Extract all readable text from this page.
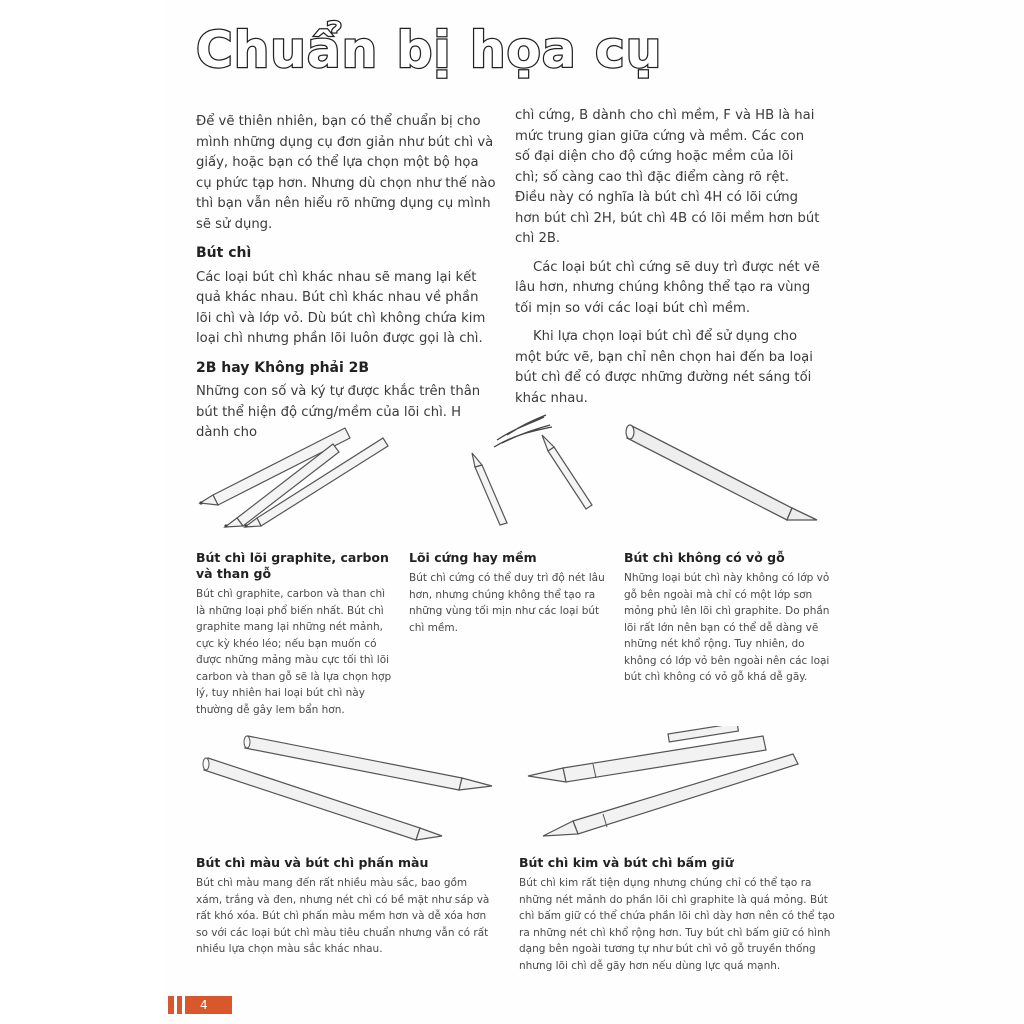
Chuẩn bị họa cụ

Để vẽ thiên nhiên, bạn có thể chuẩn bị cho mình những dụng cụ đơn giản như bút chì và giấy, hoặc bạn có thể lựa chọn một bộ họa cụ phức tạp hơn. Nhưng dù chọn như thế nào thì bạn vẫn nên hiểu rõ những dụng cụ mình sẽ sử dụng.

Bút chì

Các loại bút chì khác nhau sẽ mang lại kết quả khác nhau. Bút chì khác nhau về phần lõi chì và lớp vỏ. Dù bút chì không chứa kim loại chì nhưng phần lõi luôn được gọi là chì.

2B hay Không phải 2B

Những con số và ký tự được khắc trên thân bút thể hiện độ cứng/mềm của lõi chì. H dành cho

chì cứng, B dành cho chì mềm, F và HB là hai mức trung gian giữa cứng và mềm. Các con số đại diện cho độ cứng hoặc mềm của lõi chì; số càng cao thì đặc điểm càng rõ rệt. Điều này có nghĩa là bút chì 4H có lõi cứng hơn bút chì 2H, bút chì 4B có lõi mềm hơn bút chì 2B.

Các loại bút chì cứng sẽ duy trì được nét vẽ lâu hơn, nhưng chúng không thể tạo ra vùng tối mịn so với các loại bút chì mềm.

Khi lựa chọn loại bút chì để sử dụng cho một bức vẽ, bạn chỉ nên chọn hai đến ba loại bút chì để có được những đường nét sáng tối khác nhau.

Bút chì lõi graphite, carbon và than gỗ

Bút chì graphite, carbon và than chì là những loại phổ biến nhất. Bút chì graphite mang lại những nét mảnh, cực kỳ khéo léo; nếu bạn muốn có được những mảng màu cực tối thì lõi carbon và than gỗ sẽ là lựa chọn hợp lý, tuy nhiên hai loại bút chì này thường dễ gây lem bẩn hơn.

Lõi cứng hay mềm

Bút chì cứng có thể duy trì độ nét lâu hơn, nhưng chúng không thể tạo ra những vùng tối mịn như các loại bút chì mềm.

Bút chì không có vỏ gỗ

Những loại bút chì này không có lớp vỏ gỗ bên ngoài mà chỉ có một lớp sơn mỏng phủ lên lõi chì graphite. Do phần lõi rất lớn nên bạn có thể dễ dàng vẽ những nét khổ rộng. Tuy nhiên, do không có lớp vỏ bên ngoài nên các loại bút chì không có vỏ gỗ khá dễ gãy.

Bút chì màu và bút chì phấn màu

Bút chì màu mang đến rất nhiều màu sắc, bao gồm xám, trắng và đen, nhưng nét chì có bề mặt như sáp và rất khó xóa. Bút chì phấn màu mềm hơn và dễ xóa hơn so với các loại bút chì màu tiêu chuẩn nhưng vẫn có rất nhiều lựa chọn màu sắc khác nhau.

Bút chì kim và bút chì bấm giữ

Bút chì kim rất tiện dụng nhưng chúng chỉ có thể tạo ra những nét mảnh do phần lõi chì graphite là quá mỏng. Bút chì bấm giữ có thể chứa phần lõi chì dày hơn nên có thể tạo ra những nét chì khổ rộng hơn. Tuy bút chì bấm giữ có hình dạng bên ngoài tương tự như bút chì vỏ gỗ truyền thống nhưng lõi chì dễ gãy hơn nếu dùng lực quá mạnh.

4
